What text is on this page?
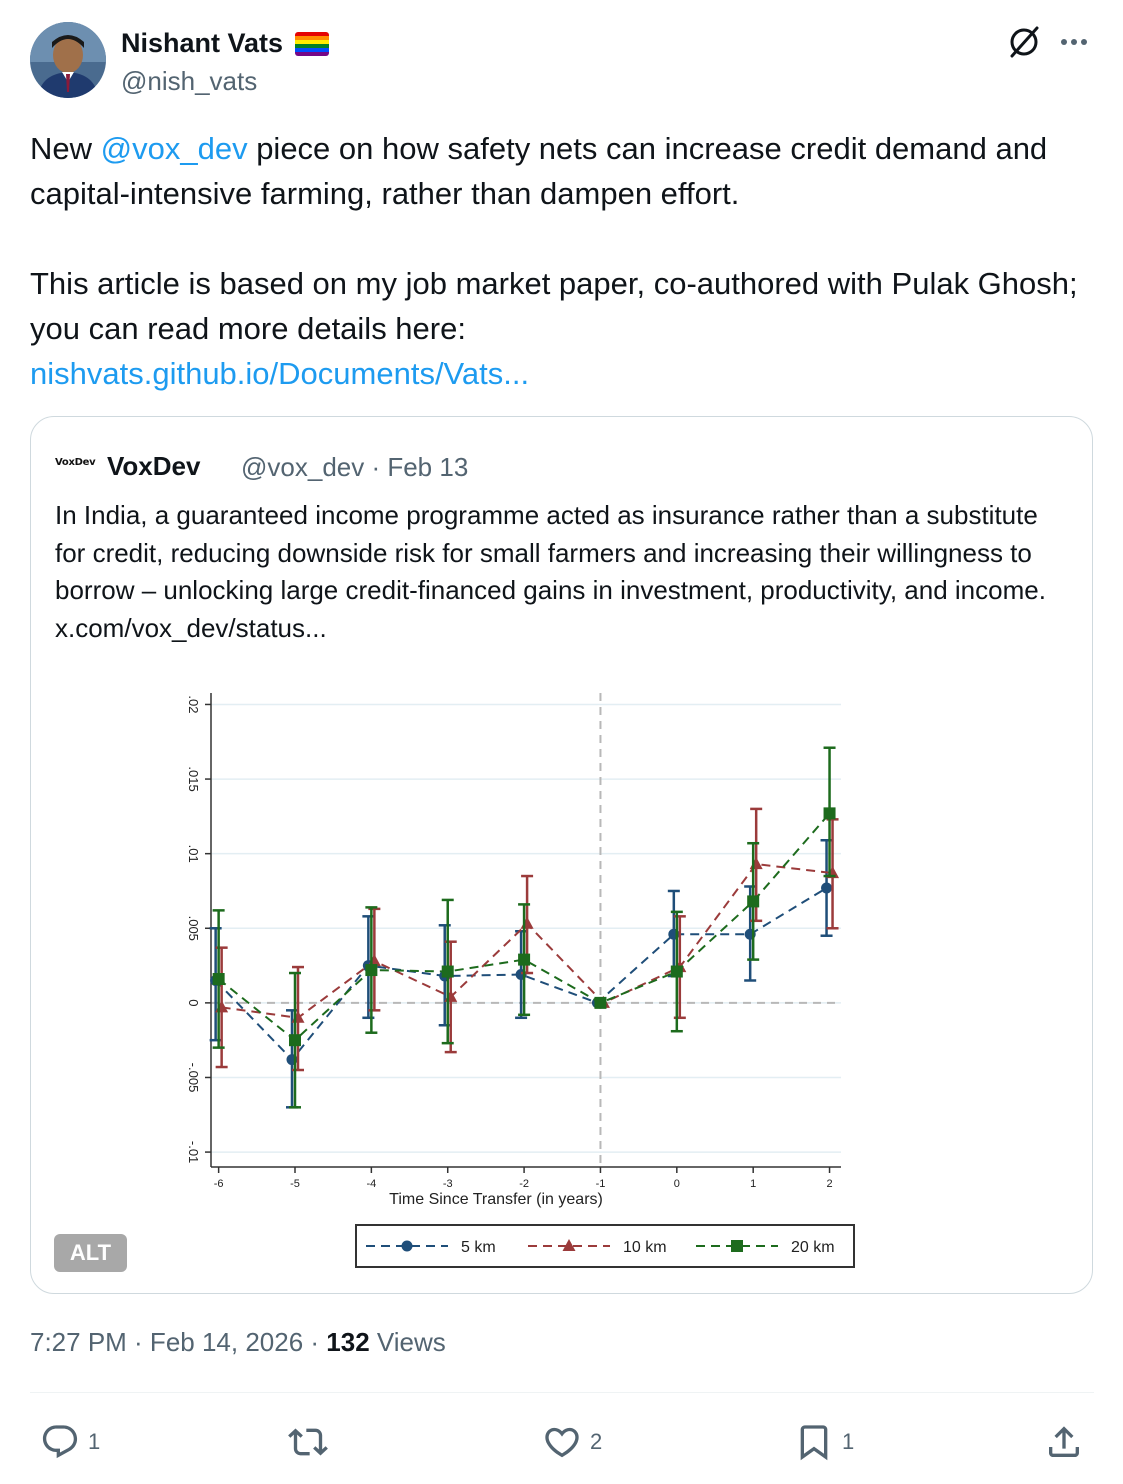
Nishant Vats
@nish_vats

New @vox_dev piece on how safety nets can increase credit demand and capital-intensive farming, rather than dampen effort.

This article is based on my job market paper, co-authored with Pulak Ghosh; you can read more details here:

nishvats.github.io/Documents/Vats...

VoxDev VoxDev @vox_dev · Feb 13
In India, a guaranteed income programme acted as insurance rather than a substitute for credit, reducing downside risk for small farmers and increasing their willingness to borrow – unlocking large credit-financed gains in investment, productivity, and income. x.com/vox_dev/status...
-.01
-.005
0
.005
.01
.015
.02
-6	-5	-4	-3	-2	-1	0	1	2
Time Since Transfer (in years)
5 km	10 km	20 km
ALT
7:27 PM · Feb 14, 2026 · 132 Views
1	2	1
